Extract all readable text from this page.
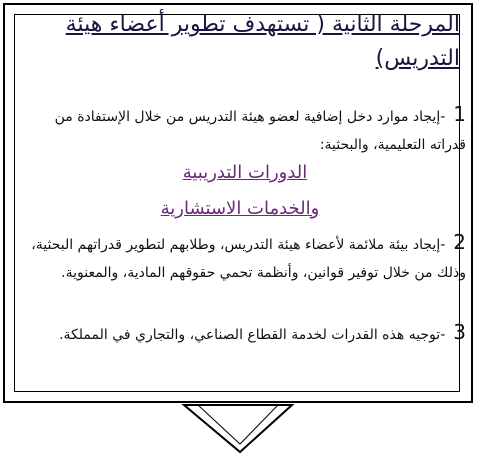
المرحلة الثانية ( تستهدف تطوير أعضاء هيئة التدريس)
1-إيجاد موارد دخل إضافية لعضو هيئة التدريس من خلال الإستفادة من قدراته التعليمية، والبحثية:
الدورات التدريبية
والخدمات الاستشارية
2-إيجاد بيئة ملائمة لأعضاء هيئة التدريس، وطلابهم لتطوير قدراتهم البحثية، وذلك من خلال توفير قوانين، وأنظمة تحمي حقوقهم المادية، والمعنوية.
3-توجيه هذه القدرات لخدمة القطاع الصناعي، والتجاري في المملكة.
